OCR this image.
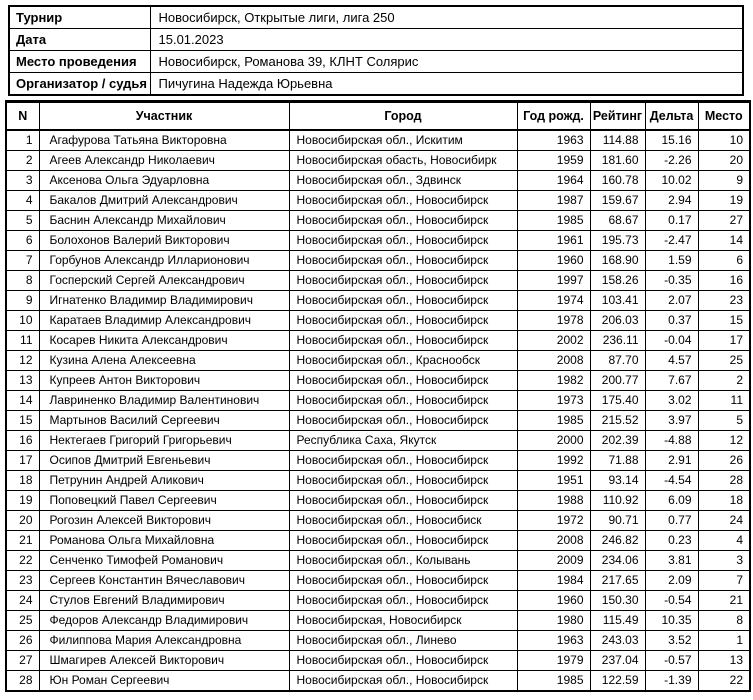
Турнир	Новосибирск, Открытые лиги, лига 250
Дата	15.01.2023
Место проведения	Новосибирск, Романова 39, КЛНТ Солярис
Организатор / судья	Пичугина Надежда Юрьевна
N	Участник	Город	Год рожд.	Рейтинг	Дельта	Место
1	Агафурова Татьяна Викторовна	Новосибирская обл., Искитим	1963	114.88	15.16	10
2	Агеев Александр Николаевич	Новосибирская обасть, Новосибирк	1959	181.60	-2.26	20
3	Аксенова Ольга Эдуарловна	Новосибирская обл., Здвинск	1964	160.78	10.02	9
4	Бакалов Дмитрий Александрович	Новосибирская обл., Новосибирск	1987	159.67	2.94	19
5	Баснин Александр Михайлович	Новосибирская обл., Новосибирск	1985	68.67	0.17	27
6	Болохонов Валерий Викторович	Новосибирская обл., Новосибирск	1961	195.73	-2.47	14
7	Горбунов Александр Илларионович	Новосибирская обл., Новосибирск	1960	168.90	1.59	6
8	Госперский Сергей Александрович	Новосибирская обл., Новосибирск	1997	158.26	-0.35	16
9	Игнатенко Владимир Владимирович	Новосибирская обл., Новосибирск	1974	103.41	2.07	23
10	Каратаев Владимир Александрович	Новосибирская обл., Новосибирск	1978	206.03	0.37	15
11	Косарев Никита Александрович	Новосибирская обл., Новосибирск	2002	236.11	-0.04	17
12	Кузина Алена Алексеевна	Новосибирская обл., Краснообск	2008	87.70	4.57	25
13	Купреев Антон Викторович	Новосибирская обл., Новосибирск	1982	200.77	7.67	2
14	Лавриненко Владимир Валентинович	Новосибирская обл., Новосибирск	1973	175.40	3.02	11
15	Мартынов Василий Сергеевич	Новосибирская обл., Новосибирск	1985	215.52	3.97	5
16	Нектегаев Григорий Григорьевич	Республика Саха, Якутск	2000	202.39	-4.88	12
17	Осипов Дмитрий Евгеньевич	Новосибирская обл., Новосибирск	1992	71.88	2.91	26
18	Петрунин Андрей Аликович	Новосибирская обл., Новосибирск	1951	93.14	-4.54	28
19	Поповецкий Павел Сергеевич	Новосибирская обл., Новосибирск	1988	110.92	6.09	18
20	Рогозин Алексей Викторович	Новосибирская обл., Новосибиск	1972	90.71	0.77	24
21	Романова Ольга Михайловна	Новосибирская обл., Новосибирск	2008	246.82	0.23	4
22	Сенченко Тимофей Романович	Новосибирская обл., Колывань	2009	234.06	3.81	3
23	Сергеев Константин Вячеславович	Новосибирская обл., Новосибирск	1984	217.65	2.09	7
24	Стулов Евгений Владимирович	Новосибирская обл., Новосибирск	1960	150.30	-0.54	21
25	Федоров Александр Владимирович	Новосибирская, Новосибирск	1980	115.49	10.35	8
26	Филиппова Мария Александровна	Новосибирская обл., Линево	1963	243.03	3.52	1
27	Шмагирев Алексей Викторович	Новосибирская обл., Новосибирск	1979	237.04	-0.57	13
28	Юн Роман Сергеевич	Новосибирская обл., Новосибирск	1985	122.59	-1.39	22
